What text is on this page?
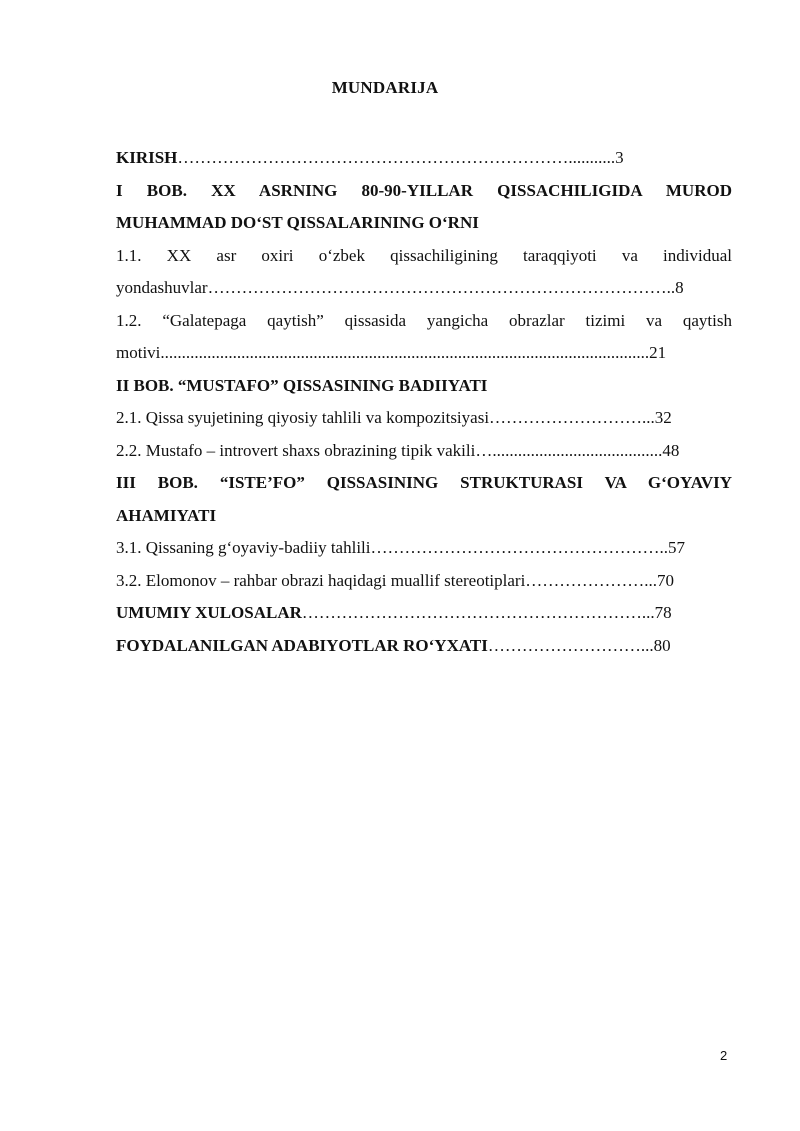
MUNDARIJA
KIRISH……………………………………………………………...........3
I BOB. XX ASRNING 80-90-YILLAR QISSACHILIGIDA MUROD
MUHAMMAD DO‘ST QISSALARINING O‘RNI
1.1. XX asr oxiri o‘zbek qissachiligining taraqqiyoti va individual
yondashuvlar………………………………………………………………………..8
1.2. “Galatepaga qaytish” qissasida yangicha obrazlar tizimi va qaytish
motivi...................................................................................................................21
II BOB. “MUSTAFO” QISSASINING BADIIYATI
2.1. Qissa syujetining qiyosiy tahlili va kompozitsiyasi………………………...32
2.2. Mustafo – introvert shaxs obrazining tipik vakili…........................................48
III BOB. “ISTE’FO” QISSASINING STRUKTURASI VA G‘OYAVIY
AHAMIYATI
3.1. Qissaning g‘oyaviy-badiiy tahlili……………………………………………..57
3.2. Elomonov – rahbar obrazi haqidagi muallif stereotiplari…………………...70
UMUMIY XULOSALAR……………………………………………………...78
FOYDALANILGAN ADABIYOTLAR RO‘YXATI………………………...80
2
